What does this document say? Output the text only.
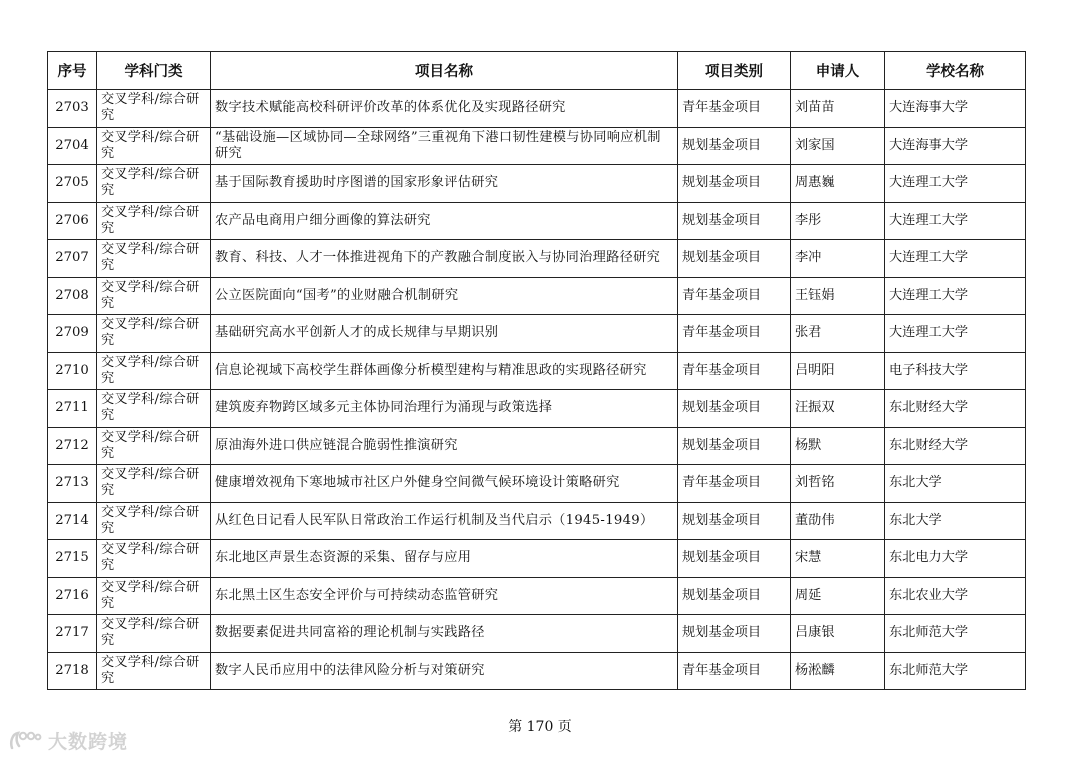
序号	学科门类	项目名称	项目类别	申请人	学校名称
2703	交叉学科/综合研究	数字技术赋能高校科研评价改革的体系优化及实现路径研究	青年基金项目	刘苗苗	大连海事大学
2704	交叉学科/综合研究	“基础设施—区域协同—全球网络”三重视角下港口韧性建模与协同响应机制研究	规划基金项目	刘家国	大连海事大学
2705	交叉学科/综合研究	基于国际教育援助时序图谱的国家形象评估研究	规划基金项目	周惠巍	大连理工大学
2706	交叉学科/综合研究	农产品电商用户细分画像的算法研究	规划基金项目	李彤	大连理工大学
2707	交叉学科/综合研究	教育、科技、人才一体推进视角下的产教融合制度嵌入与协同治理路径研究	规划基金项目	李冲	大连理工大学
2708	交叉学科/综合研究	公立医院面向“国考”的业财融合机制研究	青年基金项目	王钰娟	大连理工大学
2709	交叉学科/综合研究	基础研究高水平创新人才的成长规律与早期识别	青年基金项目	张君	大连理工大学
2710	交叉学科/综合研究	信息论视域下高校学生群体画像分析模型建构与精准思政的实现路径研究	青年基金项目	吕明阳	电子科技大学
2711	交叉学科/综合研究	建筑废弃物跨区域多元主体协同治理行为涌现与政策选择	规划基金项目	汪振双	东北财经大学
2712	交叉学科/综合研究	原油海外进口供应链混合脆弱性推演研究	规划基金项目	杨默	东北财经大学
2713	交叉学科/综合研究	健康增效视角下寒地城市社区户外健身空间微气候环境设计策略研究	青年基金项目	刘哲铭	东北大学
2714	交叉学科/综合研究	从红色日记看人民军队日常政治工作运行机制及当代启示（1945-1949）	规划基金项目	董劭伟	东北大学
2715	交叉学科/综合研究	东北地区声景生态资源的采集、留存与应用	规划基金项目	宋慧	东北电力大学
2716	交叉学科/综合研究	东北黑土区生态安全评价与可持续动态监管研究	规划基金项目	周延	东北农业大学
2717	交叉学科/综合研究	数据要素促进共同富裕的理论机制与实践路径	规划基金项目	吕康银	东北师范大学
2718	交叉学科/综合研究	数字人民币应用中的法律风险分析与对策研究	青年基金项目	杨淞麟	东北师范大学
第 170 页
大数跨境
